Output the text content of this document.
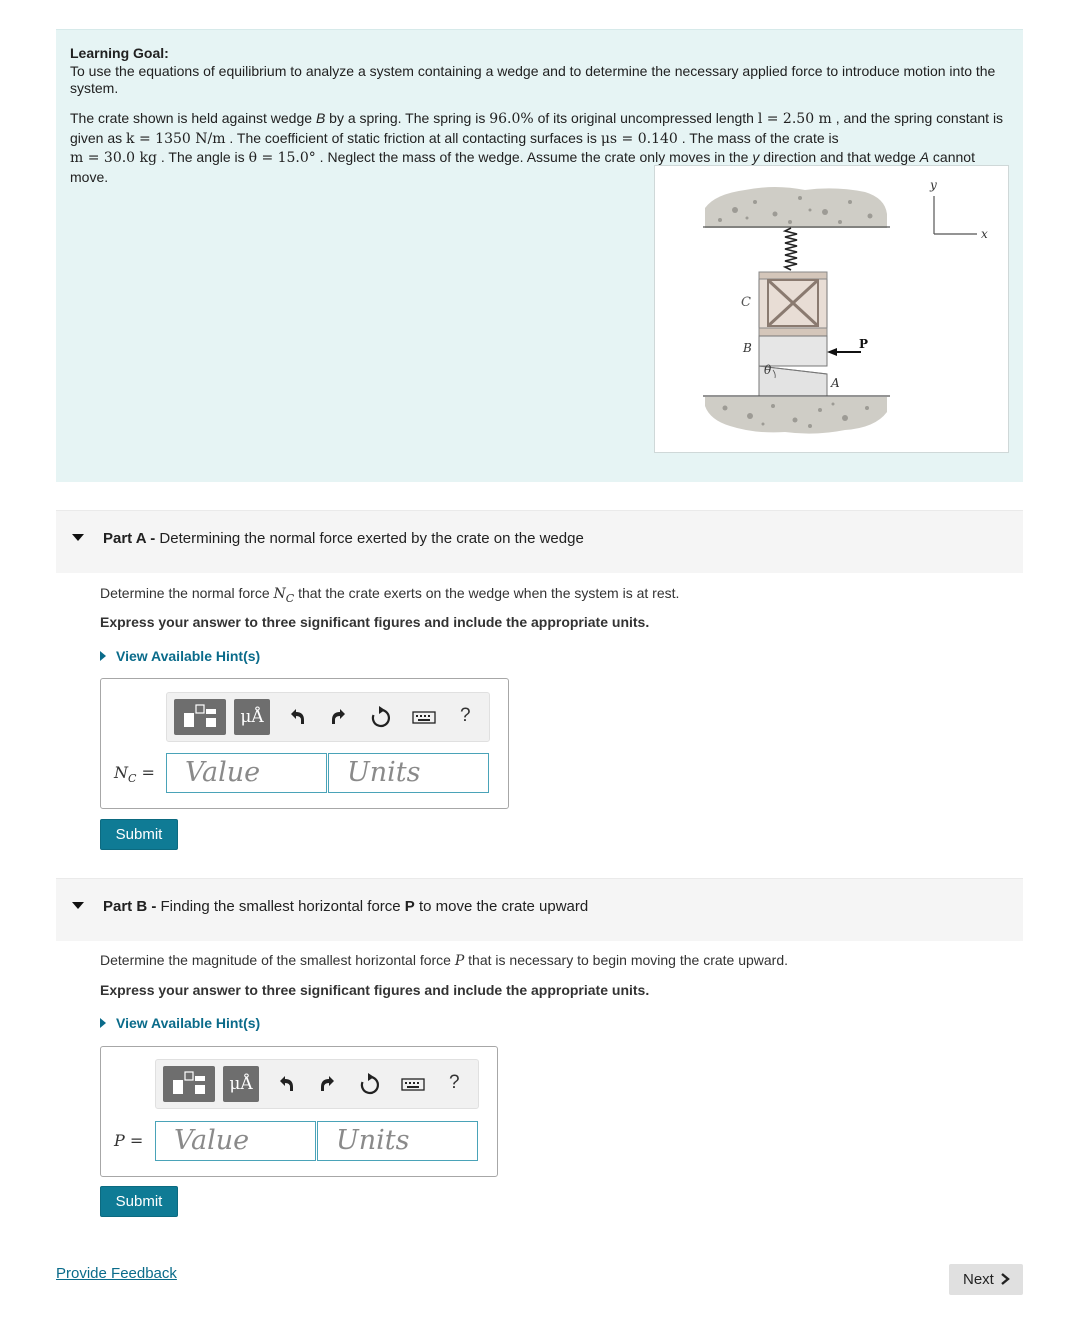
Learning Goal:
To use the equations of equilibrium to analyze a system containing a wedge and to determine the necessary applied force to introduce motion into the system.
The crate shown is held against wedge B by a spring. The spring is 96.0% of its original uncompressed length l = 2.50 m , and the spring constant is given as k = 1350 N/m . The coefficient of static friction at all contacting surfaces is μs = 0.140 . The mass of the crate is
m = 30.0 kg . The angle is θ = 15.0° . Neglect the mass of the wedge. Assume the crate only moves in the y direction and that wedge A cannot move.
y
x
C
B
θ
A
P
Part A - Determining the normal force exerted by the crate on the wedge
Determine the normal force $N_C$ that the crate exerts on the wedge when the system is at rest.
Express your answer to three significant figures and include the appropriate units.
View Available Hint(s)
μÅ	?
$N_C$ =	Value	Units
Submit
Part B - Finding the smallest horizontal force P to move the crate upward
Determine the magnitude of the smallest horizontal force P that is necessary to begin moving the crate upward.
Express your answer to three significant figures and include the appropriate units.
View Available Hint(s)
μÅ	?
P =	Value	Units
Submit
Provide Feedback	Next
